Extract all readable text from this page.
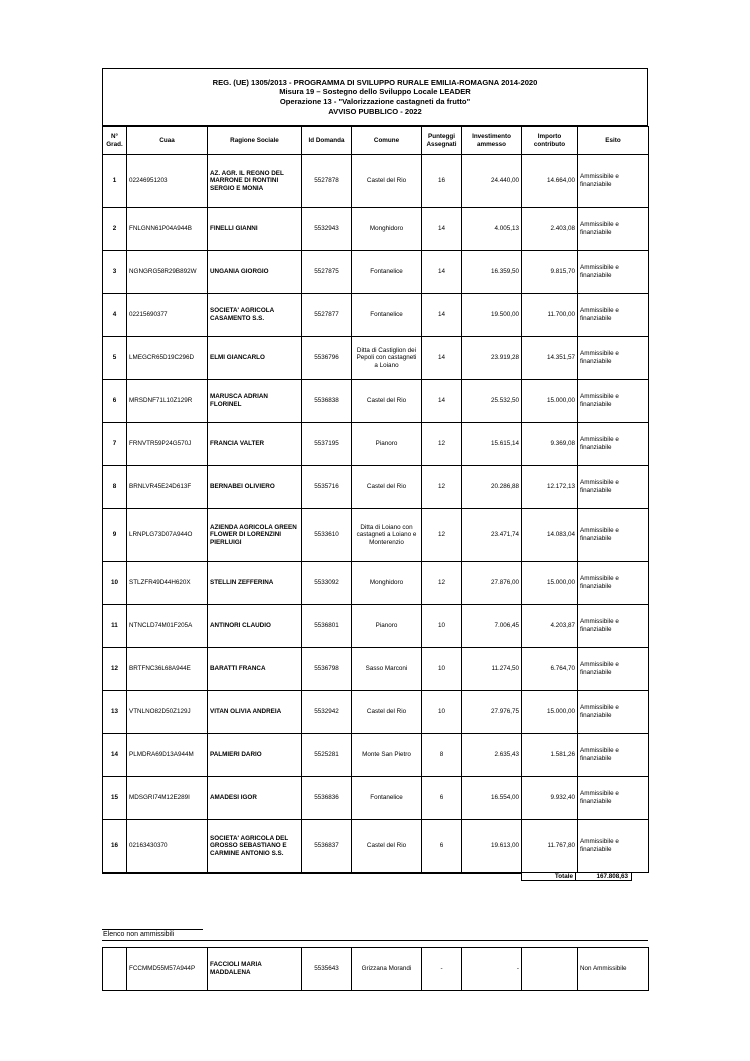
REG. (UE) 1305/2013 - PROGRAMMA DI SVILUPPO RURALE EMILIA-ROMAGNA 2014-2020
Misura 19 – Sostegno dello Sviluppo Locale LEADER
Operazione 13 - "Valorizzazione castagneti da frutto"
AVVISO PUBBLICO - 2022
N° Grad.	Cuaa	Ragione Sociale	Id Domanda	Comune	Punteggi Assegnati	Investimento ammesso	Importo contributo	Esito
1	02246951203	AZ. AGR. IL REGNO DEL MARRONE DI RONTINI SERGIO E MONIA	5527878	Castel del Rio	16	24.440,00	14.664,00	Ammissibile e finanziabile
2	FNLGNN61P04A944B	FINELLI GIANNI	5532943	Monghidoro	14	4.005,13	2.403,08	Ammissibile e finanziabile
3	NGNGRG58R29B892W	UNGANIA GIORGIO	5527875	Fontanelice	14	16.359,50	9.815,70	Ammissibile e finanziabile
4	02215690377	SOCIETA' AGRICOLA CASAMENTO S.S.	5527877	Fontanelice	14	19.500,00	11.700,00	Ammissibile e finanziabile
5	LMEGCR65D19C296D	ELMI GIANCARLO	5536796	Ditta di Castiglion dei Pepoli con castagneti a Loiano	14	23.919,28	14.351,57	Ammissibile e finanziabile
6	MRSDNF71L10Z129R	MARUSCA ADRIAN FLORINEL	5536838	Castel del Rio	14	25.532,50	15.000,00	Ammissibile e finanziabile
7	FRNVTR59P24G570J	FRANCIA VALTER	5537195	Pianoro	12	15.615,14	9.369,08	Ammissibile e finanziabile
8	BRNLVR45E24D613F	BERNABEI OLIVIERO	5535716	Castel del Rio	12	20.286,88	12.172,13	Ammissibile e finanziabile
9	LRNPLG73D07A944O	AZIENDA AGRICOLA GREEN FLOWER DI LORENZINI PIERLUIGI	5533610	Ditta di Loiano con castagneti a Loiano e Monterenzio	12	23.471,74	14.083,04	Ammissibile e finanziabile
10	STLZFR49D44H620X	STELLIN ZEFFERINA	5533092	Monghidoro	12	27.876,00	15.000,00	Ammissibile e finanziabile
11	NTNCLD74M01F205A	ANTINORI CLAUDIO	5536801	Pianoro	10	7.006,45	4.203,87	Ammissibile e finanziabile
12	BRTFNC36L68A944E	BARATTI FRANCA	5536798	Sasso Marconi	10	11.274,50	6.764,70	Ammissibile e finanziabile
13	VTNLNO82D50Z129J	VITAN OLIVIA ANDREIA	5532942	Castel del Rio	10	27.976,75	15.000,00	Ammissibile e finanziabile
14	PLMDRA69D13A944M	PALMIERI DARIO	5525281	Monte San Pietro	8	2.635,43	1.581,26	Ammissibile e finanziabile
15	MDSGRI74M12E289I	AMADESI IGOR	5536836	Fontanelice	6	16.554,00	9.932,40	Ammissibile e finanziabile
16	02163430370	SOCIETA' AGRICOLA DEL GROSSO SEBASTIANO E CARMINE ANTONIO S.S.	5536837	Castel del Rio	6	19.613,00	11.767,80	Ammissibile e finanziabile
Totale	167.808,63
Elenco non ammissibili
	FCCMMD55M57A944P	FACCIOLI MARIA MADDALENA	5535643	Grizzana Morandi	-	-		Non Ammissibile
